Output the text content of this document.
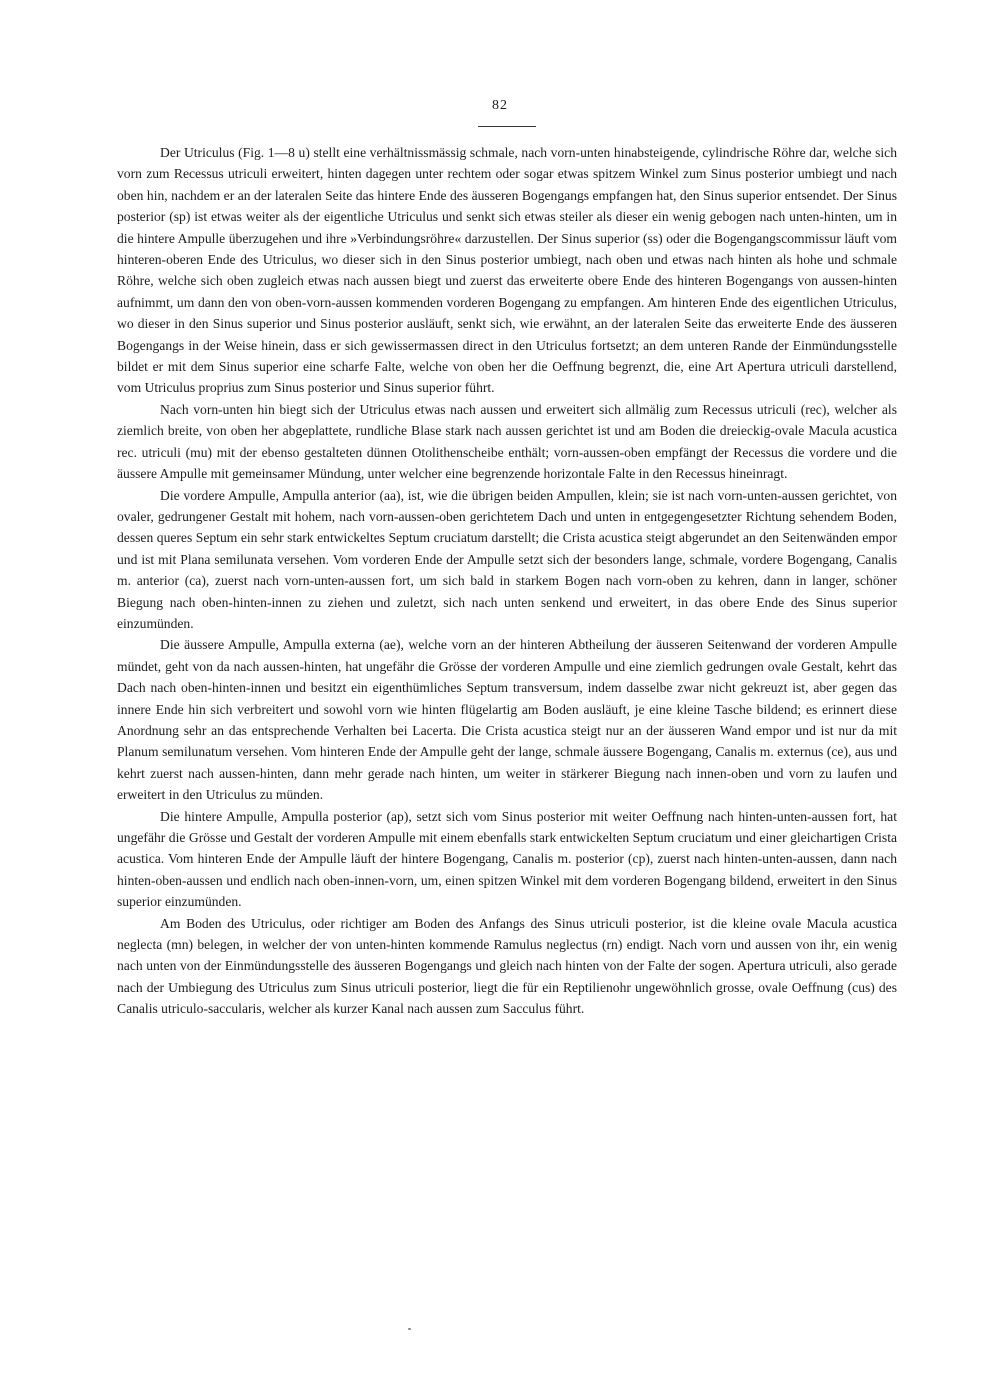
82

Der Utriculus (Fig. 1—8 u) stellt eine verhältnissmässig schmale, nach vorn-unten hinabsteigende, cylindrische Röhre dar, welche sich vorn zum Recessus utriculi erweitert, hinten dagegen unter rechtem oder sogar etwas spitzem Winkel zum Sinus posterior umbiegt und nach oben hin, nachdem er an der lateralen Seite das hintere Ende des äusseren Bogengangs empfangen hat, den Sinus superior entsendet. Der Sinus posterior (sp) ist etwas weiter als der eigentliche Utriculus und senkt sich etwas steiler als dieser ein wenig gebogen nach unten-hinten, um in die hintere Ampulle überzugehen und ihre »Verbindungsröhre« darzustellen. Der Sinus superior (ss) oder die Bogengangscommissur läuft vom hinteren-oberen Ende des Utriculus, wo dieser sich in den Sinus posterior umbiegt, nach oben und etwas nach hinten als hohe und schmale Röhre, welche sich oben zugleich etwas nach aussen biegt und zuerst das erweiterte obere Ende des hinteren Bogengangs von aussen-hinten aufnimmt, um dann den von oben-vorn-aussen kommenden vorderen Bogengang zu empfangen. Am hinteren Ende des eigentlichen Utriculus, wo dieser in den Sinus superior und Sinus posterior ausläuft, senkt sich, wie erwähnt, an der lateralen Seite das erweiterte Ende des äusseren Bogengangs in der Weise hinein, dass er sich gewissermassen direct in den Utriculus fortsetzt; an dem unteren Rande der Einmündungsstelle bildet er mit dem Sinus superior eine scharfe Falte, welche von oben her die Oeffnung begrenzt, die, eine Art Apertura utriculi darstellend, vom Utriculus proprius zum Sinus posterior und Sinus superior führt.

Nach vorn-unten hin biegt sich der Utriculus etwas nach aussen und erweitert sich allmälig zum Recessus utriculi (rec), welcher als ziemlich breite, von oben her abgeplattete, rundliche Blase stark nach aussen gerichtet ist und am Boden die dreieckig-ovale Macula acustica rec. utriculi (mu) mit der ebenso gestalteten dünnen Otolithenscheibe enthält; vorn-aussen-oben empfängt der Recessus die vordere und die äussere Ampulle mit gemeinsamer Mündung, unter welcher eine begrenzende horizontale Falte in den Recessus hineinragt.

Die vordere Ampulle, Ampulla anterior (aa), ist, wie die übrigen beiden Ampullen, klein; sie ist nach vorn-unten-aussen gerichtet, von ovaler, gedrungener Gestalt mit hohem, nach vorn-aussen-oben gerichtetem Dach und unten in entgegengesetzter Richtung sehendem Boden, dessen queres Septum ein sehr stark entwickeltes Septum cruciatum darstellt; die Crista acustica steigt abgerundet an den Seitenwänden empor und ist mit Plana semilunata versehen. Vom vorderen Ende der Ampulle setzt sich der besonders lange, schmale, vordere Bogengang, Canalis m. anterior (ca), zuerst nach vorn-unten-aussen fort, um sich bald in starkem Bogen nach vorn-oben zu kehren, dann in langer, schöner Biegung nach oben-hinten-innen zu ziehen und zuletzt, sich nach unten senkend und erweitert, in das obere Ende des Sinus superior einzumünden.

Die äussere Ampulle, Ampulla externa (ae), welche vorn an der hinteren Abtheilung der äusseren Seitenwand der vorderen Ampulle mündet, geht von da nach aussen-hinten, hat ungefähr die Grösse der vorderen Ampulle und eine ziemlich gedrungen ovale Gestalt, kehrt das Dach nach oben-hinten-innen und besitzt ein eigenthümliches Septum transversum, indem dasselbe zwar nicht gekreuzt ist, aber gegen das innere Ende hin sich verbreitert und sowohl vorn wie hinten flügelartig am Boden ausläuft, je eine kleine Tasche bildend; es erinnert diese Anordnung sehr an das entsprechende Verhalten bei Lacerta. Die Crista acustica steigt nur an der äusseren Wand empor und ist nur da mit Planum semilunatum versehen. Vom hinteren Ende der Ampulle geht der lange, schmale äussere Bogengang, Canalis m. externus (ce), aus und kehrt zuerst nach aussen-hinten, dann mehr gerade nach hinten, um weiter in stärkerer Biegung nach innen-oben und vorn zu laufen und erweitert in den Utriculus zu münden.

Die hintere Ampulle, Ampulla posterior (ap), setzt sich vom Sinus posterior mit weiter Oeffnung nach hinten-unten-aussen fort, hat ungefähr die Grösse und Gestalt der vorderen Ampulle mit einem ebenfalls stark entwickelten Septum cruciatum und einer gleichartigen Crista acustica. Vom hinteren Ende der Ampulle läuft der hintere Bogengang, Canalis m. posterior (cp), zuerst nach hinten-unten-aussen, dann nach hinten-oben-aussen und endlich nach oben-innen-vorn, um, einen spitzen Winkel mit dem vorderen Bogengang bildend, erweitert in den Sinus superior einzumünden.

Am Boden des Utriculus, oder richtiger am Boden des Anfangs des Sinus utriculi posterior, ist die kleine ovale Macula acustica neglecta (mn) belegen, in welcher der von unten-hinten kommende Ramulus neglectus (rn) endigt. Nach vorn und aussen von ihr, ein wenig nach unten von der Einmündungsstelle des äusseren Bogengangs und gleich nach hinten von der Falte der sogen. Apertura utriculi, also gerade nach der Umbiegung des Utriculus zum Sinus utriculi posterior, liegt die für ein Reptilienohr ungewöhnlich grosse, ovale Oeffnung (cus) des Canalis utriculo-saccularis, welcher als kurzer Kanal nach aussen zum Sacculus führt.
